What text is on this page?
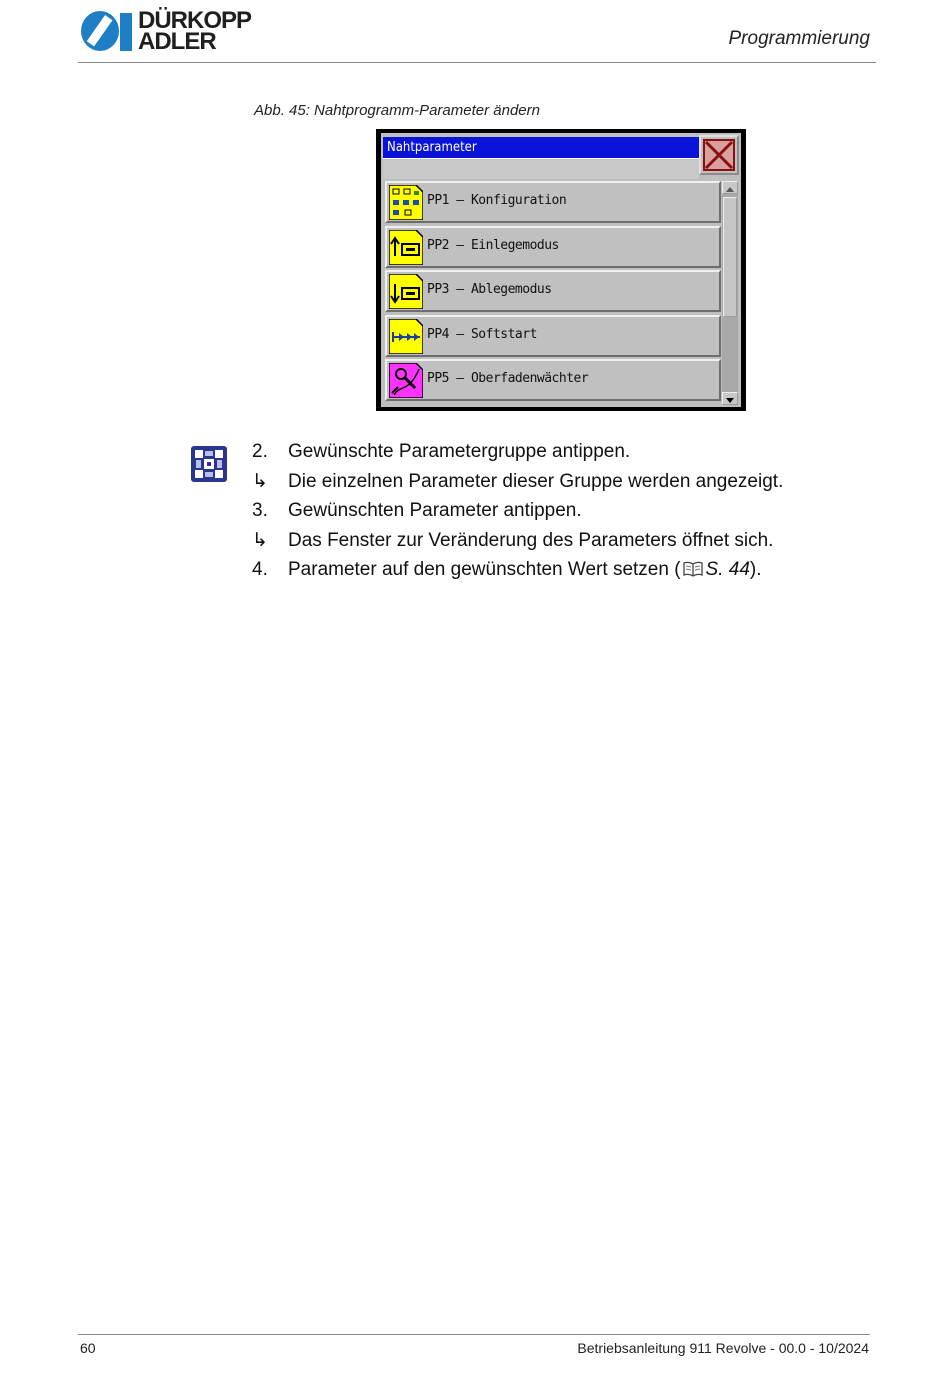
DÜRKOPP
ADLER	Programmierung
Abb. 45: Nahtprogramm-Parameter ändern
Nahtparameter
PP1 – Konfiguration
PP2 – Einlegemodus
PP3 – Ablegemodus
PP4 – Softstart
PP5 – Oberfadenwächter
2.	Gewünschte Parametergruppe antippen.
↳	Die einzelnen Parameter dieser Gruppe werden angezeigt.
3.	Gewünschten Parameter antippen.
↳	Das Fenster zur Veränderung des Parameters öffnet sich.
4.	Parameter auf den gewünschten Wert setzen ( S. 44).
60	Betriebsanleitung 911 Revolve - 00.0 - 10/2024
